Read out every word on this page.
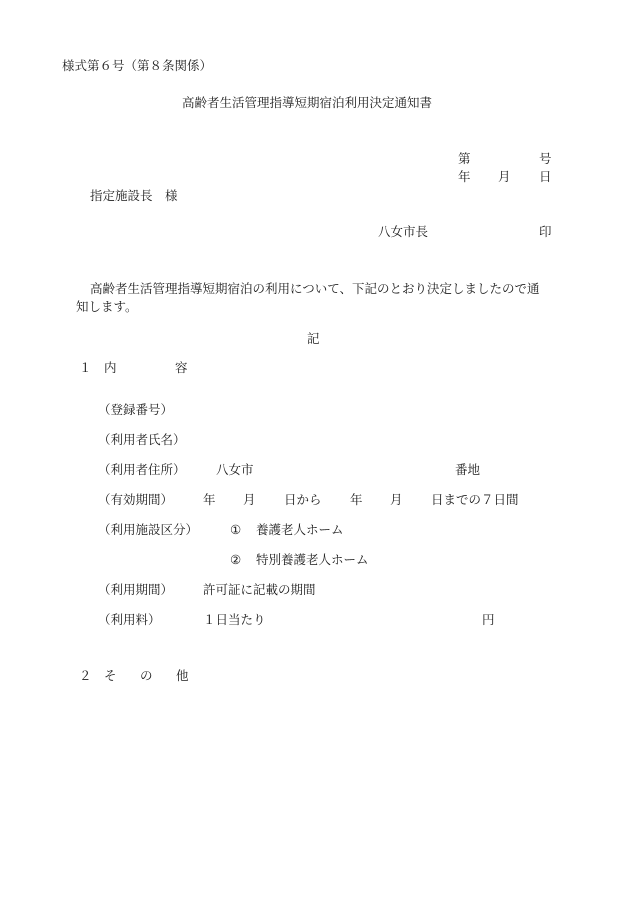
様式第６号（第８条関係）
高齢者生活管理指導短期宿泊利用決定通知書
第	号
年 月 日
指定施設長　様
八女市長	印
高齢者生活管理指導短期宿泊の利用について、下記のとおり決定しましたので通
知します。
記
１ 内	容
（登録番号）
（利用者氏名）
（利用者住所） 八女市	番地
（有効期間） 年 月 日から 年 月 日までの７日間
（利用施設区分）	① 養護老人ホーム
② 特別養護老人ホーム
（利用期間） 許可証に記載の期間
（利用料）	１日当たり	円
２ そ の 他
